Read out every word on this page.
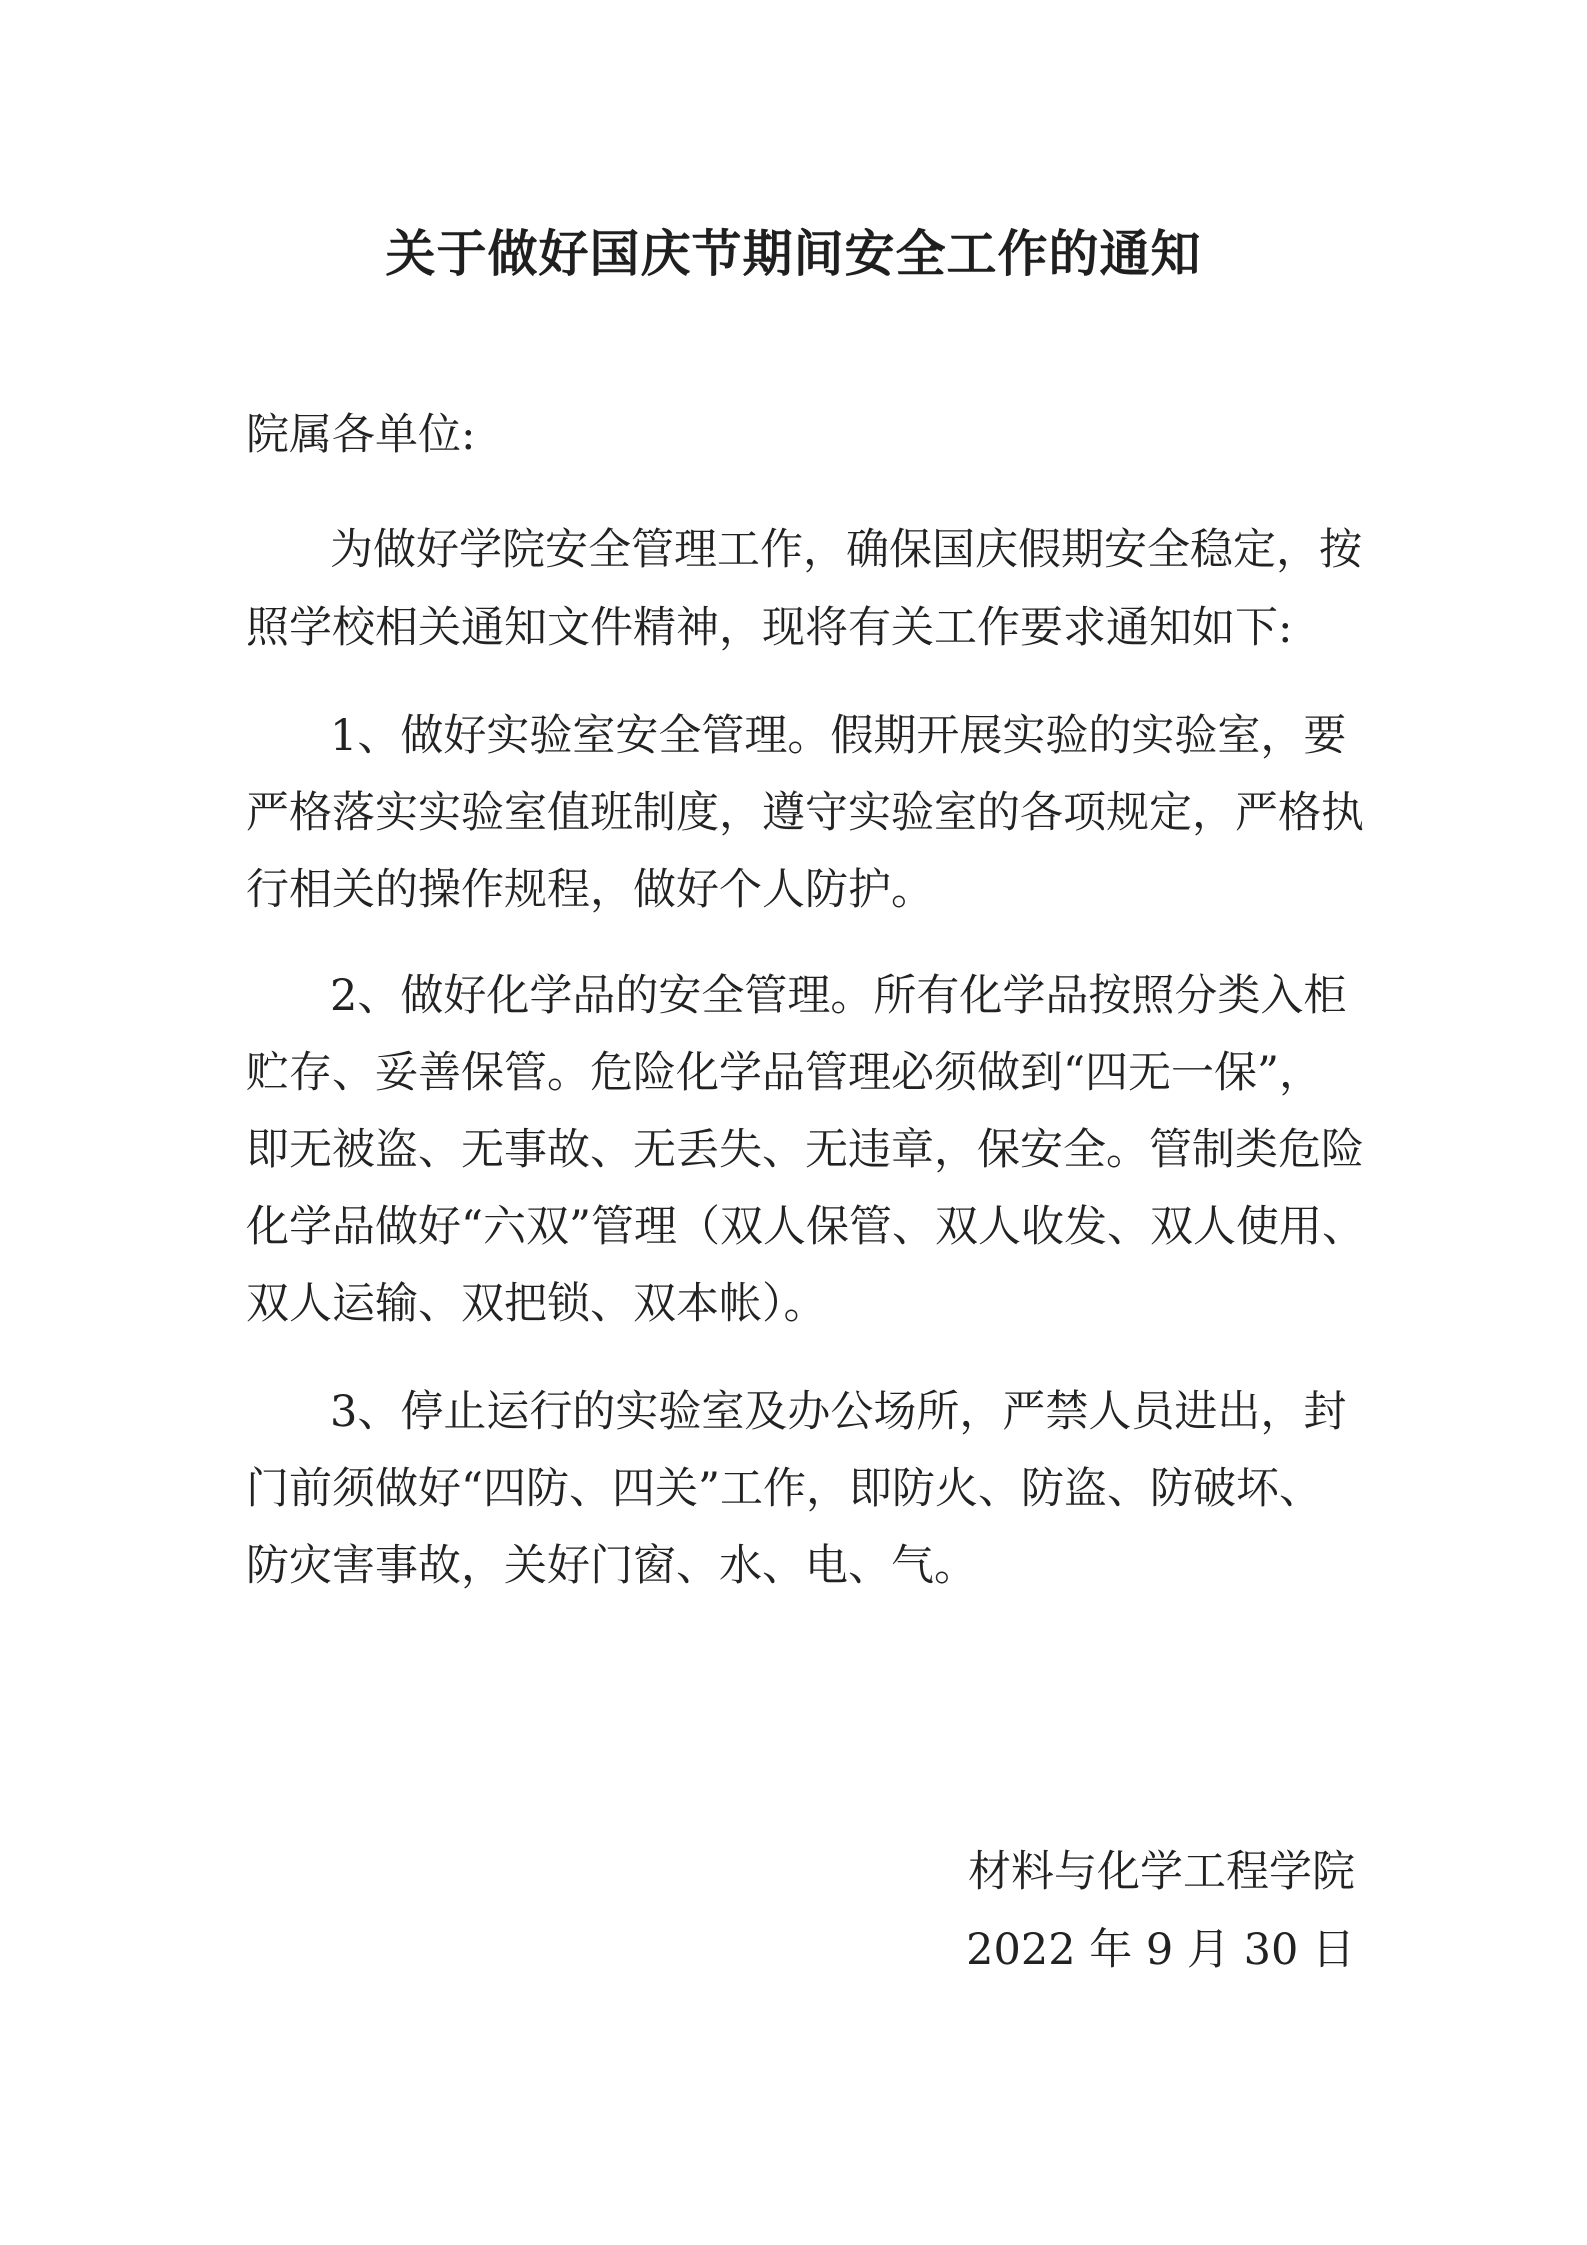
关于做好国庆节期间安全工作的通知

院属各单位:

为做好学院安全管理工作，确保国庆假期安全稳定，按

照学校相关通知文件精神，现将有关工作要求通知如下:

1、做好实验室安全管理。假期开展实验的实验室，要

严格落实实验室值班制度，遵守实验室的各项规定，严格执

行相关的操作规程，做好个人防护。

2、做好化学品的安全管理。所有化学品按照分类入柜

贮存、妥善保管。危险化学品管理必须做到“四无一保”，

即无被盗、无事故、无丢失、无违章，保安全。管制类危险

化学品做好“六双”管理（双人保管、双人收发、双人使用、

双人运输、双把锁、双本帐）。

3、停止运行的实验室及办公场所，严禁人员进出，封

门前须做好“四防、四关”工作，即防火、防盗、防破坏、

防灾害事故，关好门窗、水、电、气。

材料与化学工程学院

2022 年 9 月 30 日
